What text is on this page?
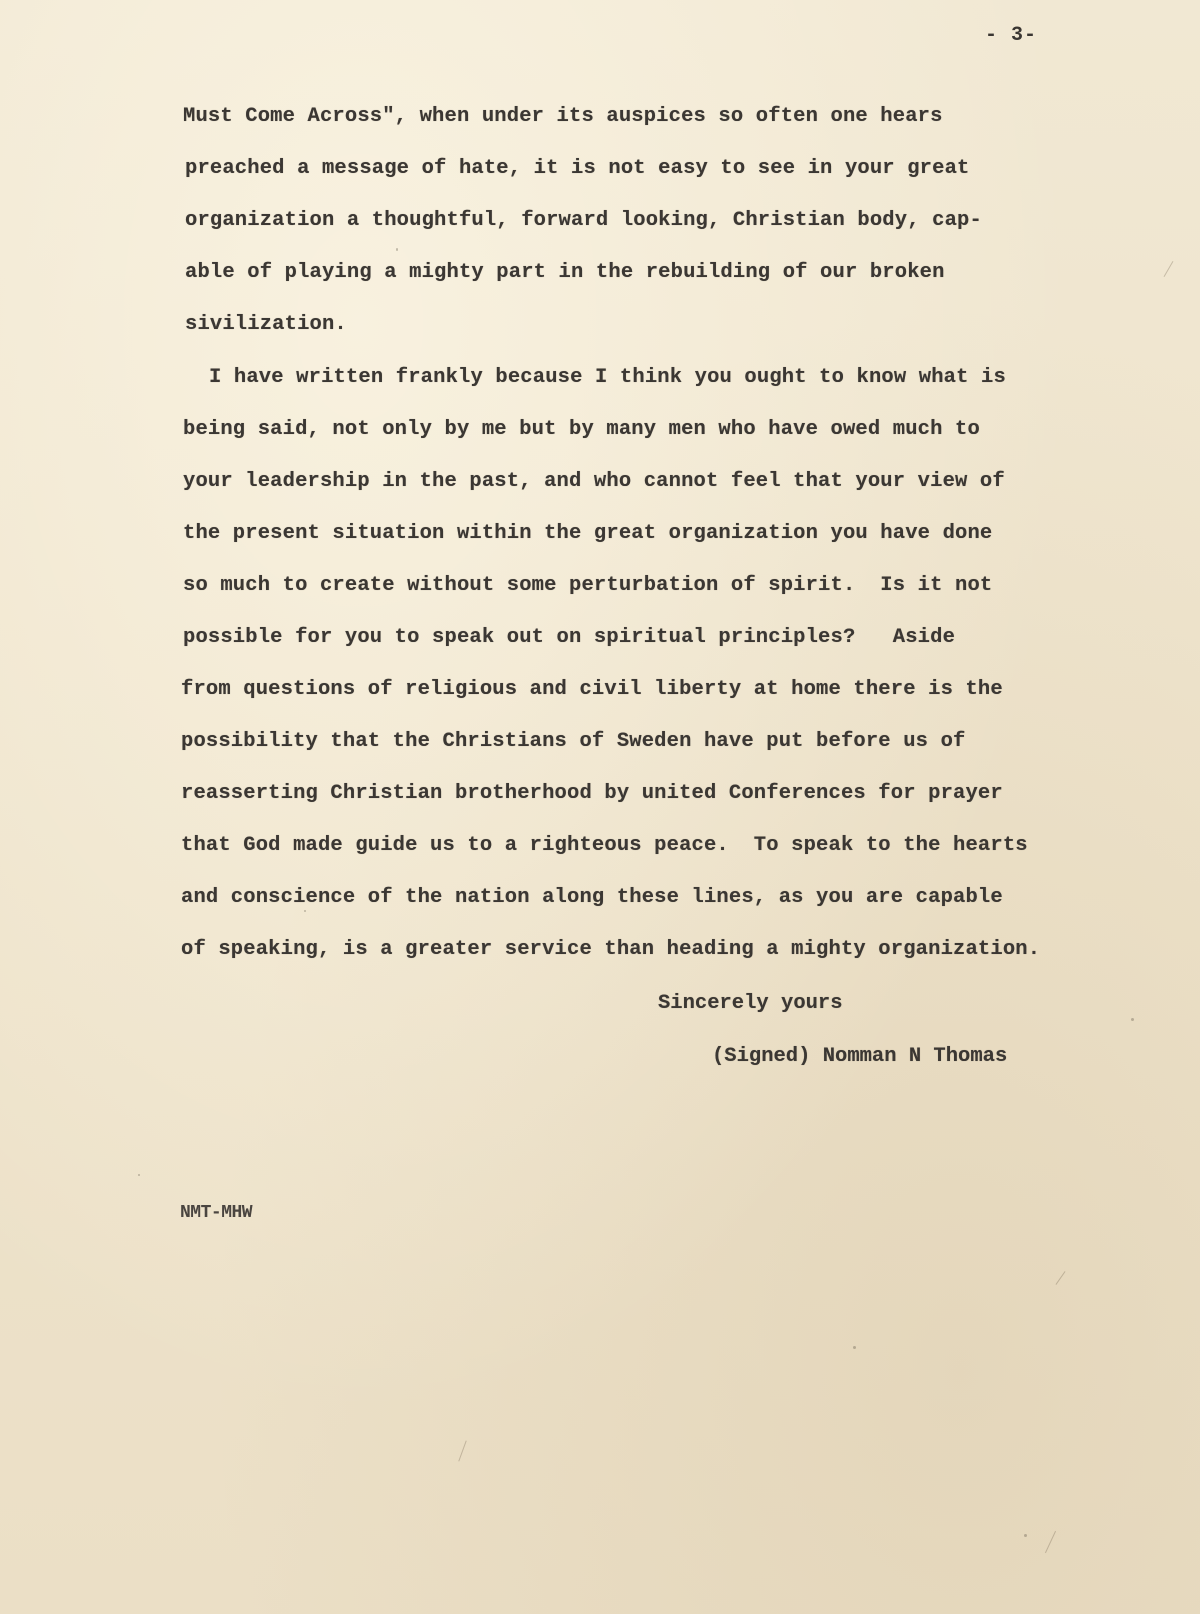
- 3-
Must Come Across", when under its auspices so often one hears
preached a message of hate, it is not easy to see in your great
organization a thoughtful, forward looking, Christian body, cap-
able of playing a mighty part in the rebuilding of our broken
sivilization.
I have written frankly because I think you ought to know what is
being said, not only by me but by many men who have owed much to
your leadership in the past, and who cannot feel that your view of
the present situation within the great organization you have done
so much to create without some perturbation of spirit.  Is it not
possible for you to speak out on spiritual principles?   Aside
from questions of religious and civil liberty at home there is the
possibility that the Christians of Sweden have put before us of
reasserting Christian brotherhood by united Conferences for prayer
that God made guide us to a righteous peace.  To speak to the hearts
and conscience of the nation along these lines, as you are capable
of speaking, is a greater service than heading a mighty organization.
Sincerely yours
(Signed) Nomman N Thomas
NMT-MHW
